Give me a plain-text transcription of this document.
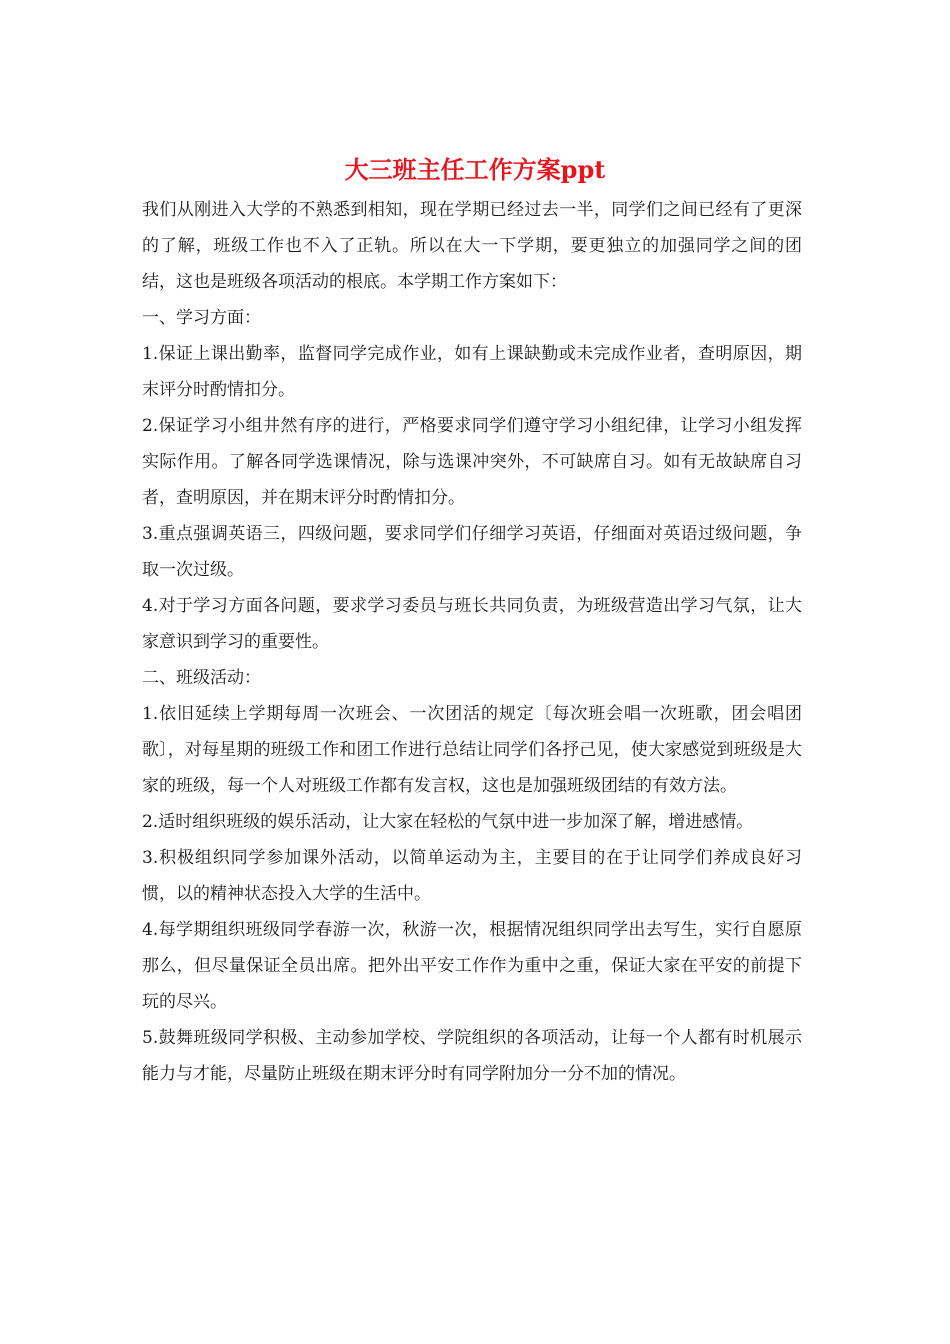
大三班主任工作方案ppt

我们从刚进入大学的不熟悉到相知，现在学期已经过去一半，同学们之间已经有了更深的了解，班级工作也不入了正轨。所以在大一下学期，要更独立的加强同学之间的团结，这也是班级各项活动的根底。本学期工作方案如下：

一、学习方面：

1.保证上课出勤率，监督同学完成作业，如有上课缺勤或未完成作业者，查明原因，期末评分时酌情扣分。

2.保证学习小组井然有序的进行，严格要求同学们遵守学习小组纪律，让学习小组发挥实际作用。了解各同学选课情况，除与选课冲突外，不可缺席自习。如有无故缺席自习者，查明原因，并在期末评分时酌情扣分。

3.重点强调英语三，四级问题，要求同学们仔细学习英语，仔细面对英语过级问题，争取一次过级。

4.对于学习方面各问题，要求学习委员与班长共同负责，为班级营造出学习气氛，让大家意识到学习的重要性。

二、班级活动：

1.依旧延续上学期每周一次班会、一次团活的规定〔每次班会唱一次班歌，团会唱团歌〕，对每星期的班级工作和团工作进行总结让同学们各抒己见，使大家感觉到班级是大家的班级，每一个人对班级工作都有发言权，这也是加强班级团结的有效方法。

2.适时组织班级的娱乐活动，让大家在轻松的气氛中进一步加深了解，增进感情。

3.积极组织同学参加课外活动，以简单运动为主，主要目的在于让同学们养成良好习惯，以的精神状态投入大学的生活中。

4.每学期组织班级同学春游一次，秋游一次，根据情况组织同学出去写生，实行自愿原那么，但尽量保证全员出席。把外出平安工作作为重中之重，保证大家在平安的前提下玩的尽兴。

5.鼓舞班级同学积极、主动参加学校、学院组织的各项活动，让每一个人都有时机展示能力与才能，尽量防止班级在期末评分时有同学附加分一分不加的情况。
